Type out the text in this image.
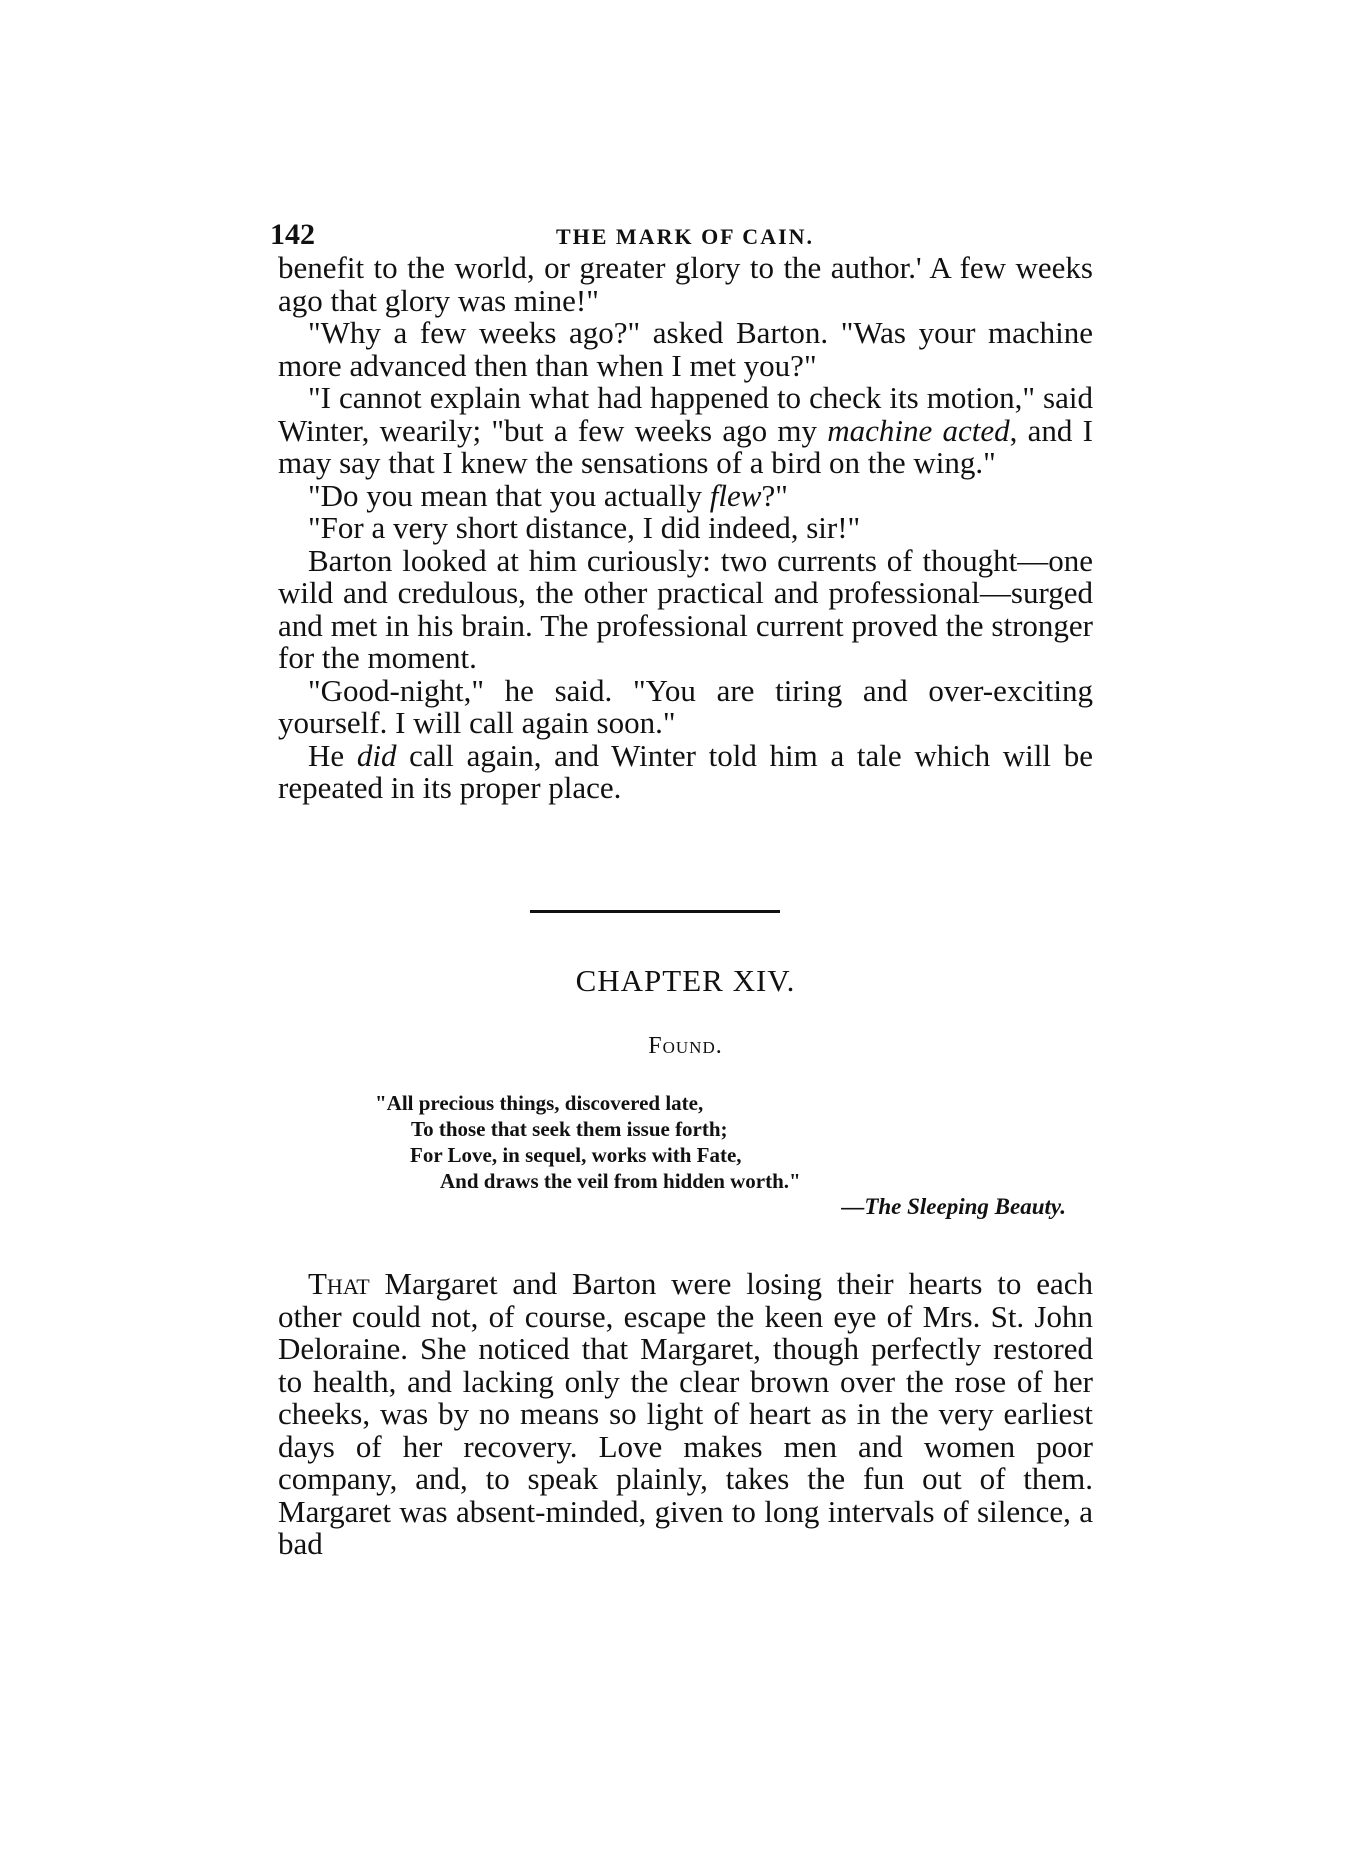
142	THE MARK OF CAIN.

benefit to the world, or greater glory to the author.' A few weeks ago that glory was mine!"

"Why a few weeks ago?" asked Barton. "Was your machine more advanced then than when I met you?"

"I cannot explain what had happened to check its motion," said Winter, wearily; "but a few weeks ago my machine acted, and I may say that I knew the sensations of a bird on the wing."

"Do you mean that you actually flew?"

"For a very short distance, I did indeed, sir!"

Barton looked at him curiously: two currents of thought—one wild and credulous, the other practical and professional—surged and met in his brain. The professional current proved the stronger for the moment.

"Good-night," he said. "You are tiring and over-exciting yourself. I will call again soon."

He did call again, and Winter told him a tale which will be repeated in its proper place.

CHAPTER XIV.
Found.
"All precious things, discovered late,
To those that seek them issue forth;
For Love, in sequel, works with Fate,
And draws the veil from hidden worth."
—The Sleeping Beauty.

That Margaret and Barton were losing their hearts to each other could not, of course, escape the keen eye of Mrs. St. John Deloraine. She noticed that Margaret, though perfectly restored to health, and lacking only the clear brown over the rose of her cheeks, was by no means so light of heart as in the very earliest days of her recovery. Love makes men and women poor company, and, to speak plainly, takes the fun out of them. Margaret was absent-minded, given to long intervals of silence, a bad
